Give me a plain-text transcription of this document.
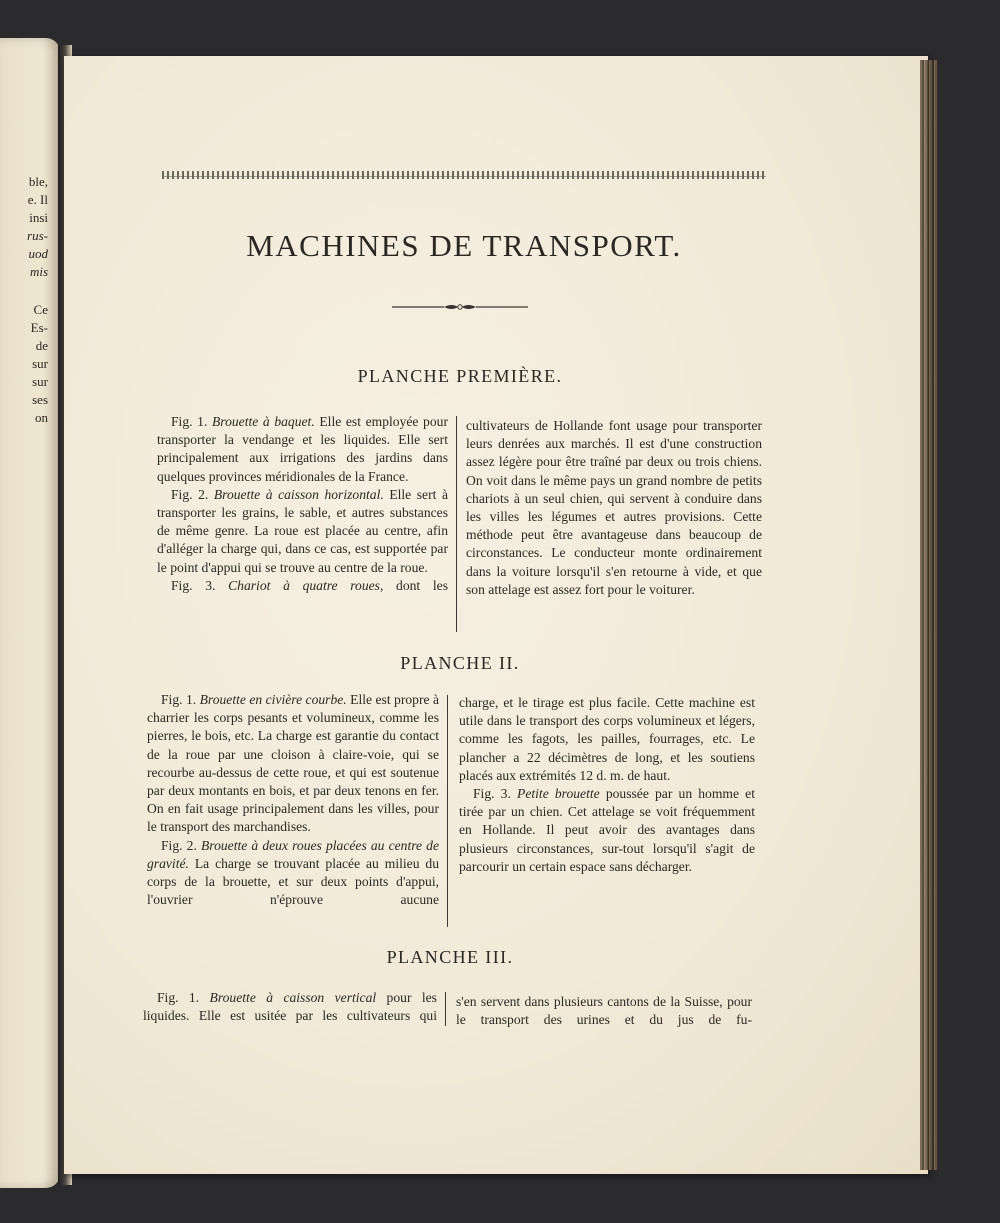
ble,
e. Il
insi
rus-
uod
mis
Ce
Es-
de
sur
sur
ses
on
MACHINES DE TRANSPORT.
PLANCHE PREMIÈRE.

Fig. 1. Brouette à baquet. Elle est employée pour transporter la vendange et les liquides. Elle sert principalement aux irrigations des jardins dans quelques provinces méridionales de la France.

Fig. 2. Brouette à caisson horizontal. Elle sert à transporter les grains, le sable, et autres substances de même genre. La roue est placée au centre, afin d'alléger la charge qui, dans ce cas, est supportée par le point d'appui qui se trouve au centre de la roue.

Fig. 3. Chariot à quatre roues, dont les

cultivateurs de Hollande font usage pour transporter leurs denrées aux marchés. Il est d'une construction assez légère pour être traîné par deux ou trois chiens. On voit dans le même pays un grand nombre de petits chariots à un seul chien, qui servent à conduire dans les villes les légumes et autres provisions. Cette méthode peut être avantageuse dans beaucoup de circonstances. Le conducteur monte ordinairement dans la voiture lorsqu'il s'en retourne à vide, et que son attelage est assez fort pour le voiturer.

PLANCHE II.

Fig. 1. Brouette en civière courbe. Elle est propre à charrier les corps pesants et volumineux, comme les pierres, le bois, etc. La charge est garantie du contact de la roue par une cloison à claire-voie, qui se recourbe au-dessus de cette roue, et qui est soutenue par deux montants en bois, et par deux tenons en fer. On en fait usage principalement dans les villes, pour le transport des marchandises.

Fig. 2. Brouette à deux roues placées au centre de gravité. La charge se trouvant placée au milieu du corps de la brouette, et sur deux points d'appui, l'ouvrier n'éprouve aucune

charge, et le tirage est plus facile. Cette machine est utile dans le transport des corps volumineux et légers, comme les fagots, les pailles, fourrages, etc. Le plancher a 22 décimètres de long, et les soutiens placés aux extrémités 12 d. m. de haut.

Fig. 3. Petite brouette poussée par un homme et tirée par un chien. Cet attelage se voit fréquemment en Hollande. Il peut avoir des avantages dans plusieurs circonstances, sur-tout lorsqu'il s'agit de parcourir un certain espace sans décharger.

PLANCHE III.

Fig. 1. Brouette à caisson vertical pour les liquides. Elle est usitée par les cultivateurs qui

s'en servent dans plusieurs cantons de la Suisse, pour le transport des urines et du jus de fu-
